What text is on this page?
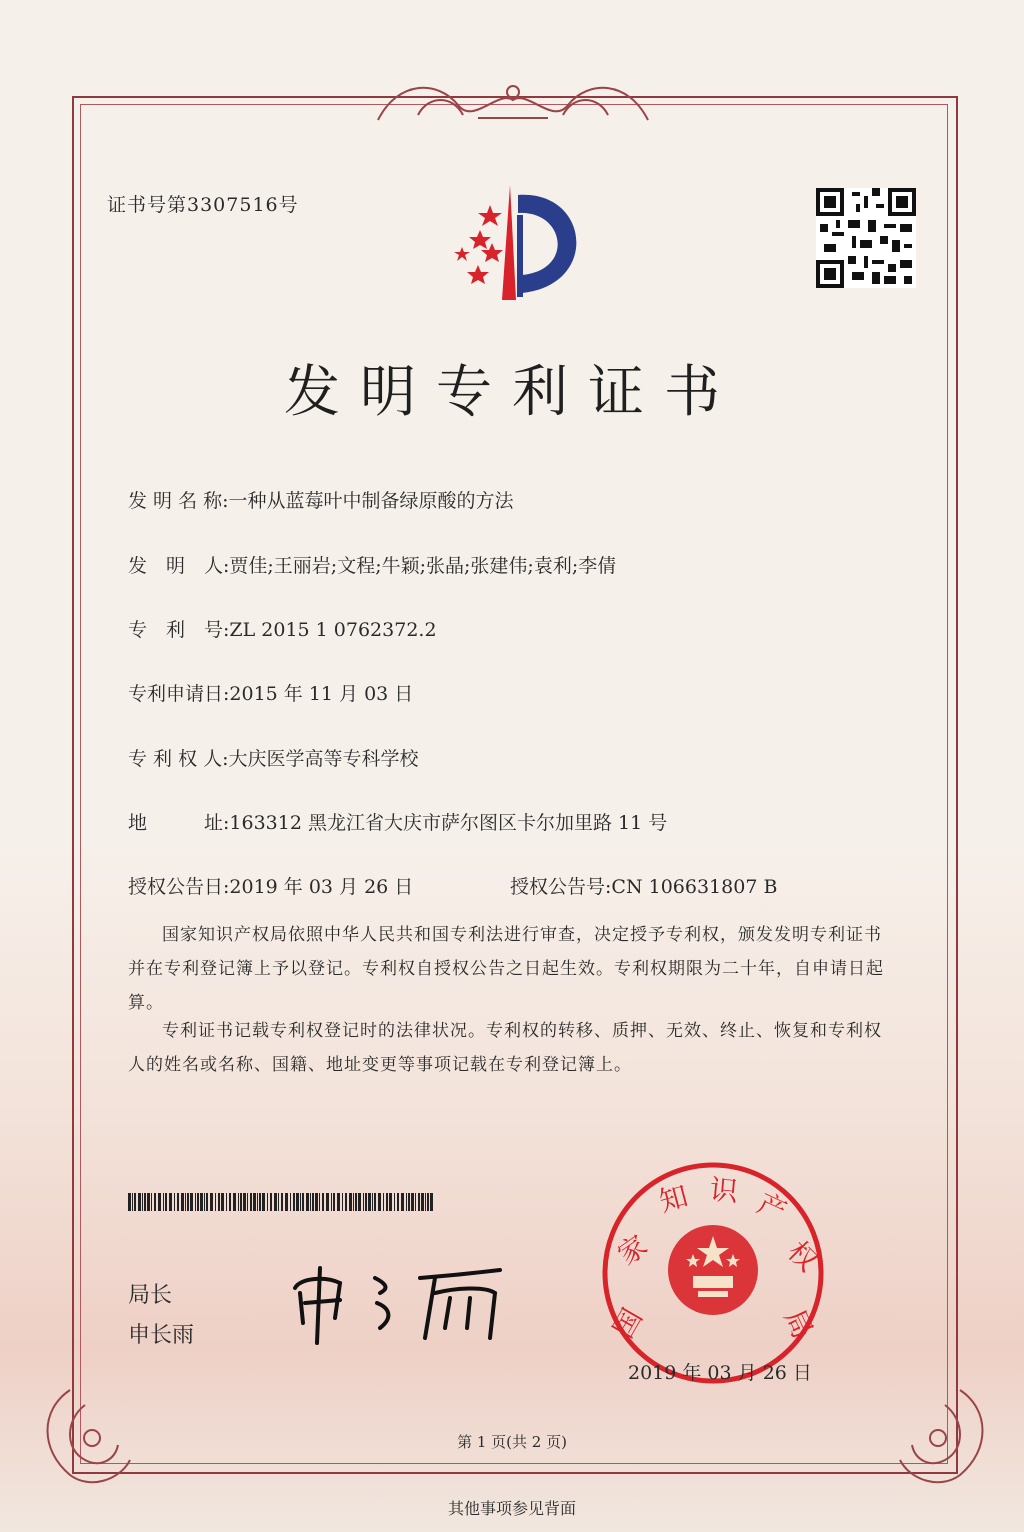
证书号第3307516号
发明专利证书
发 明 名 称:一种从蓝莓叶中制备绿原酸的方法
发　明　人:贾佳;王丽岩;文程;牛颖;张晶;张建伟;袁利;李倩
专　利　号:ZL 2015 1 0762372.2
专利申请日:2015 年 11 月 03 日
专 利 权 人:大庆医学高等专科学校
地　　　址:163312 黑龙江省大庆市萨尔图区卡尔加里路 11 号
授权公告日:2019 年 03 月 26 日	授权公告号:CN 106631807 B
国家知识产权局依照中华人民共和国专利法进行审查，决定授予专利权，颁发发明专利证书并在专利登记簿上予以登记。专利权自授权公告之日起生效。专利权期限为二十年，自申请日起算。
专利证书记载专利权登记时的法律状况。专利权的转移、质押、无效、终止、恢复和专利权人的姓名或名称、国籍、地址变更等事项记载在专利登记簿上。
局长
申长雨	国
家
知 识 产
权
局
2019 年 03 月 26 日
第 1 页(共 2 页)
其他事项参见背面
